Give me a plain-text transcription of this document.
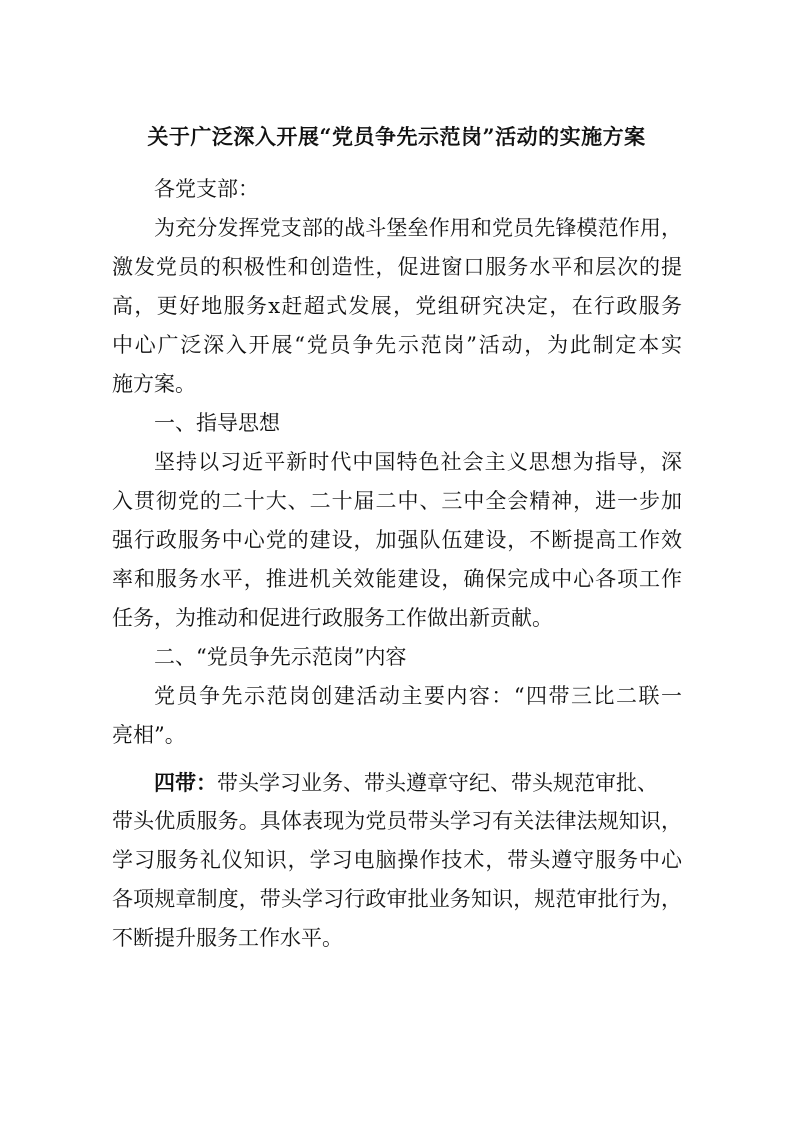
关于广泛深入开展“党员争先示范岗”活动的实施方案
各党支部：
为充分发挥党支部的战斗堡垒作用和党员先锋模范作用，
激发党员的积极性和创造性，促进窗口服务水平和层次的提
高，更好地服务x赶超式发展，党组研究决定，在行政服务
中心广泛深入开展“党员争先示范岗”活动，为此制定本实
施方案。
一、指导思想
坚持以习近平新时代中国特色社会主义思想为指导，深
入贯彻党的二十大、二十届二中、三中全会精神，进一步加
强行政服务中心党的建设，加强队伍建设，不断提高工作效
率和服务水平，推进机关效能建设，确保完成中心各项工作
任务，为推动和促进行政服务工作做出新贡献。
二、“党员争先示范岗”内容
党员争先示范岗创建活动主要内容：“四带三比二联一
亮相”。
四带：带头学习业务、带头遵章守纪、带头规范审批、
带头优质服务。具体表现为党员带头学习有关法律法规知识，
学习服务礼仪知识，学习电脑操作技术，带头遵守服务中心
各项规章制度，带头学习行政审批业务知识，规范审批行为，
不断提升服务工作水平。
